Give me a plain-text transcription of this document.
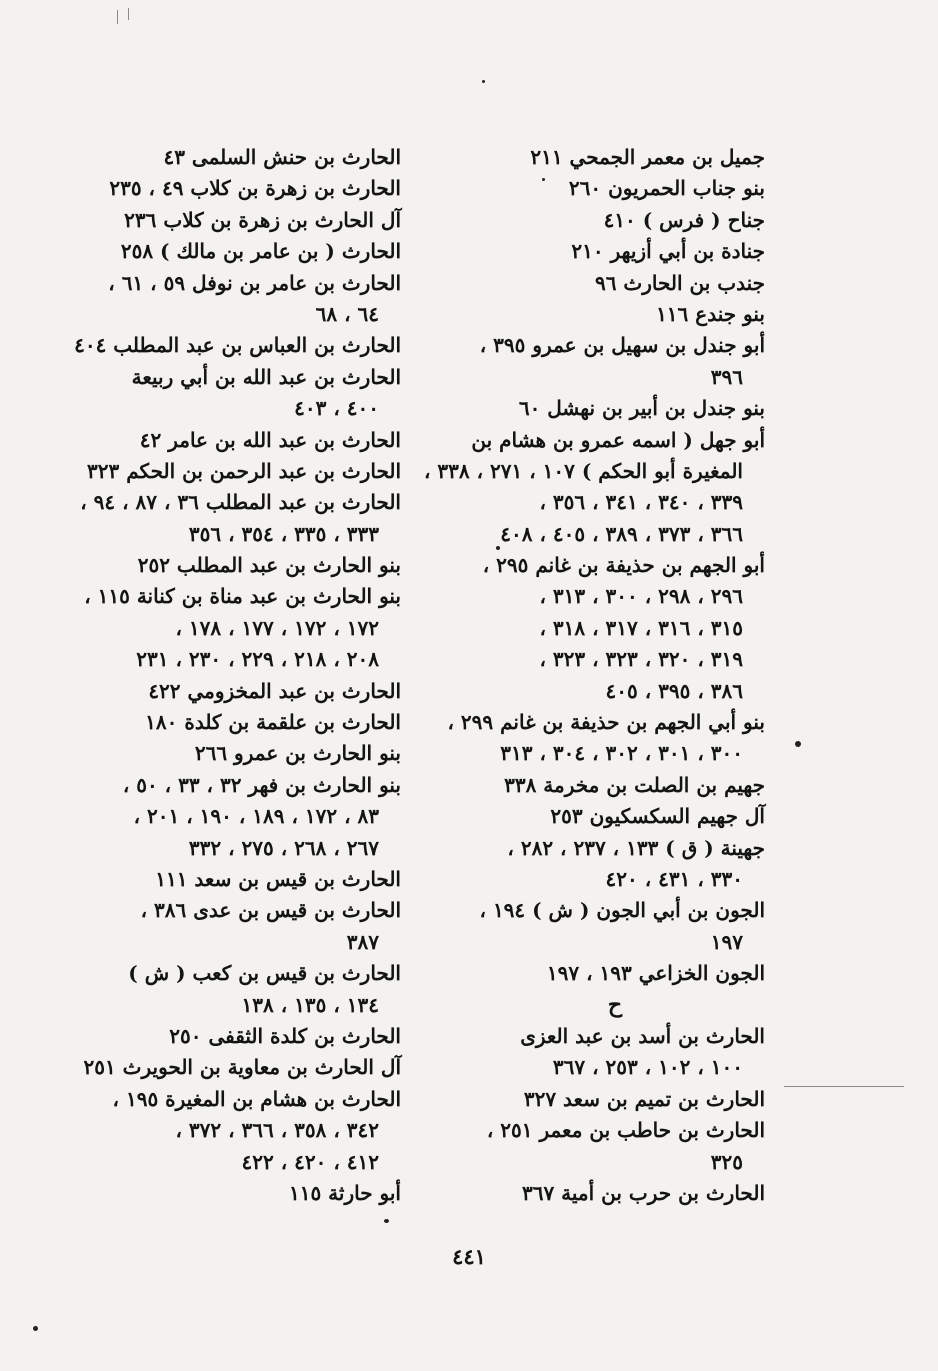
جميل بن معمر الجمحي ٢١١
بنو جناب الحمريون ٢٦٠
جناح ( فرس ) ٤١٠
جنادة بن أبي أزيهر ٢١٠
جندب بن الحارث ٩٦
بنو جندع ١١٦
أبو جندل بن سهيل بن عمرو ٣٩٥ ،
٣٩٦
بنو جندل بن أبير بن نهشل ٦٠
أبو جهل ( اسمه عمرو بن هشام بن
المغيرة أبو الحكم ) ١٠٧ ، ٢٧١ ، ٣٣٨ ،
٣٣٩ ، ٣٤٠ ، ٣٤١ ، ٣٥٦ ،
٣٦٦ ، ٣٧٣ ، ٣٨٩ ، ٤٠٥ ، ٤٠٨
أبو الجهم بن حذيفة بن غانم ٢٩٥ ،
٢٩٦ ، ٢٩٨ ، ٣٠٠ ، ٣١٣ ،
٣١٥ ، ٣١٦ ، ٣١٧ ، ٣١٨ ،
٣١٩ ، ٣٢٠ ، ٣٢٣ ، ٣٢٣ ،
٣٨٦ ، ٣٩٥ ، ٤٠٥
بنو أبي الجهم بن حذيفة بن غانم ٢٩٩ ،
٣٠٠ ، ٣٠١ ، ٣٠٢ ، ٣٠٤ ، ٣١٣
جهيم بن الصلت بن مخرمة ٣٣٨
آل جهيم السكسكيون ٢٥٣
جهينة ( ق ) ١٣٣ ، ٢٣٧ ، ٢٨٢ ،
٣٣٠ ، ٤٣١ ، ٤٢٠
الجون بن أبي الجون ( ش ) ١٩٤ ،
١٩٧
الجون الخزاعي ١٩٣ ، ١٩٧
ح
الحارث بن أسد بن عبد العزى
١٠٠ ، ١٠٢ ، ٢٥٣ ، ٣٦٧
الحارث بن تميم بن سعد ٣٢٧
الحارث بن حاطب بن معمر ٢٥١ ،
٣٢٥
الحارث بن حرب بن أمية ٣٦٧
الحارث بن حنش السلمى ٤٣
الحارث بن زهرة بن كلاب ٤٩ ، ٢٣٥
آل الحارث بن زهرة بن كلاب ٢٣٦
الحارث ( بن عامر بن مالك ) ٢٥٨
الحارث بن عامر بن نوفل ٥٩ ، ٦١ ،
٦٤ ، ٦٨
الحارث بن العباس بن عبد المطلب ٤٠٤
الحارث بن عبد الله بن أبي ربيعة
٤٠٠ ، ٤٠٣
الحارث بن عبد الله بن عامر ٤٢
الحارث بن عبد الرحمن بن الحكم ٣٢٣
الحارث بن عبد المطلب ٣٦ ، ٨٧ ، ٩٤ ،
٣٣٣ ، ٣٣٥ ، ٣٥٤ ، ٣٥٦
بنو الحارث بن عبد المطلب ٢٥٢
بنو الحارث بن عبد مناة بن كنانة ١١٥ ،
١٧٢ ، ١٧٢ ، ١٧٧ ، ١٧٨ ،
٢٠٨ ، ٢١٨ ، ٢٢٩ ، ٢٣٠ ، ٢٣١
الحارث بن عبد المخزومي ٤٢٢
الحارث بن علقمة بن كلدة ١٨٠
بنو الحارث بن عمرو ٢٦٦
بنو الحارث بن فهر ٣٢ ، ٣٣ ، ٥٠ ،
٨٣ ، ١٧٢ ، ١٨٩ ، ١٩٠ ، ٢٠١ ،
٢٦٧ ، ٢٦٨ ، ٢٧٥ ، ٣٣٢
الحارث بن قيس بن سعد ١١١
الحارث بن قيس بن عدى ٣٨٦ ،
٣٨٧
الحارث بن قيس بن كعب ( ش )
١٣٤ ، ١٣٥ ، ١٣٨
الحارث بن كلدة الثقفى ٢٥٠
آل الحارث بن معاوية بن الحويرث ٢٥١
الحارث بن هشام بن المغيرة ١٩٥ ،
٣٤٢ ، ٣٥٨ ، ٣٦٦ ، ٣٧٢ ،
٤١٢ ، ٤٢٠ ، ٤٢٢
أبو حارثة ١١٥
٤٤١
